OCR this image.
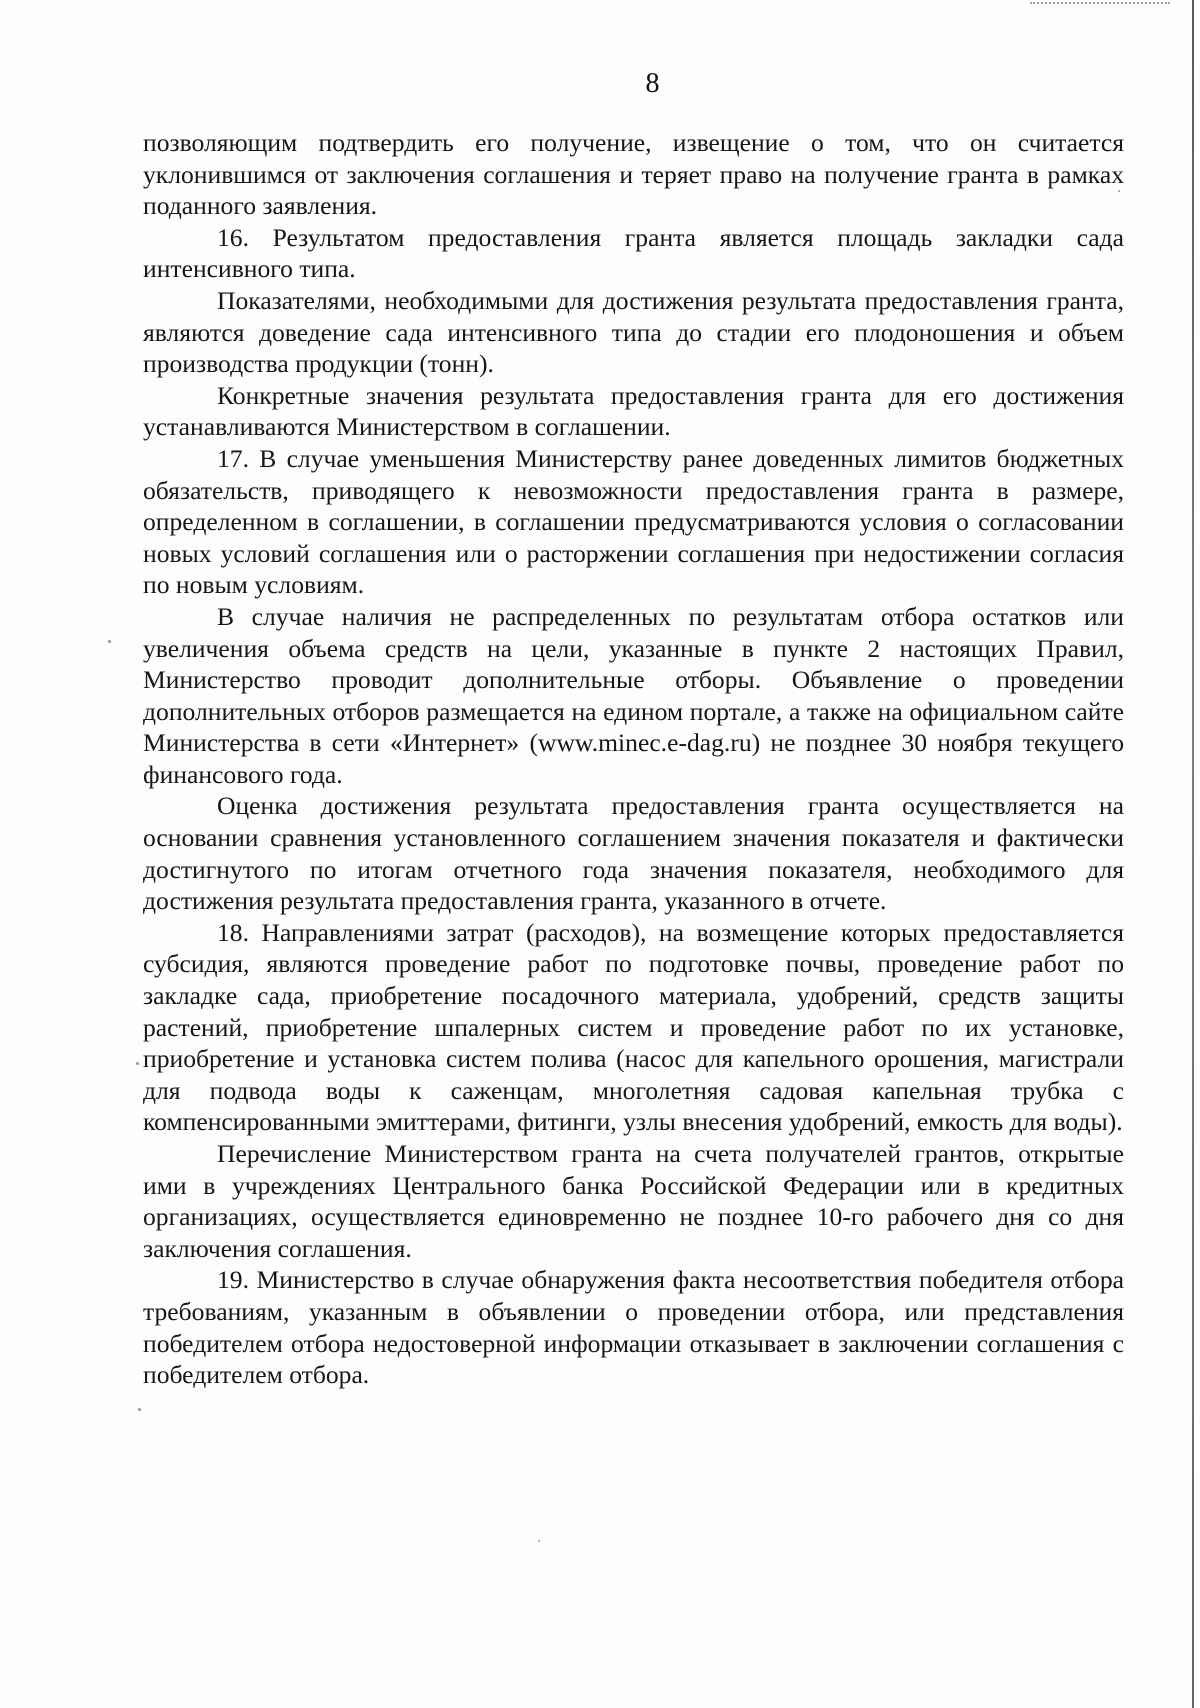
8

позволяющим подтвердить его получение, извещение о том, что он считается уклонившимся от заключения соглашения и теряет право на получение гранта в рамках поданного заявления.

16. Результатом предоставления гранта является площадь закладки сада интенсивного типа.

Показателями, необходимыми для достижения результата предоставления гранта, являются доведение сада интенсивного типа до стадии его плодоношения и объем производства продукции (тонн).

Конкретные значения результата предоставления гранта для его достижения устанавливаются Министерством в соглашении.

17. В случае уменьшения Министерству ранее доведенных лимитов бюджетных обязательств, приводящего к невозможности предоставления гранта в размере, определенном в соглашении, в соглашении предусматриваются условия о согласовании новых условий соглашения или о расторжении соглашения при недостижении согласия по новым условиям.

В случае наличия не распределенных по результатам отбора остатков или увеличения объема средств на цели, указанные в пункте 2 настоящих Правил, Министерство проводит дополнительные отборы. Объявление о проведении дополнительных отборов размещается на едином портале, а также на официальном сайте Министерства в сети «Интернет» (www.minec.e-dag.ru) не позднее 30 ноября текущего финансового года.

Оценка достижения результата предоставления гранта осуществляется на основании сравнения установленного соглашением значения показателя и фактически достигнутого по итогам отчетного года значения показателя, необходимого для достижения результата предоставления гранта, указанного в отчете.

18. Направлениями затрат (расходов), на возмещение которых предоставляется субсидия, являются проведение работ по подготовке почвы, проведение работ по закладке сада, приобретение посадочного материала, удобрений, средств защиты растений, приобретение шпалерных систем и проведение работ по их установке, приобретение и установка систем полива (насос для капельного орошения, магистрали для подвода воды к саженцам, многолетняя садовая капельная трубка с компенсированными эмиттерами, фитинги, узлы внесения удобрений, емкость для воды).

Перечисление Министерством гранта на счета получателей грантов, открытые ими в учреждениях Центрального банка Российской Федерации или в кредитных организациях, осуществляется единовременно не позднее 10-го рабочего дня со дня заключения соглашения.

19. Министерство в случае обнаружения факта несоответствия победителя отбора требованиям, указанным в объявлении о проведении отбора, или представления победителем отбора недостоверной информации отказывает в заключении соглашения с победителем отбора.
